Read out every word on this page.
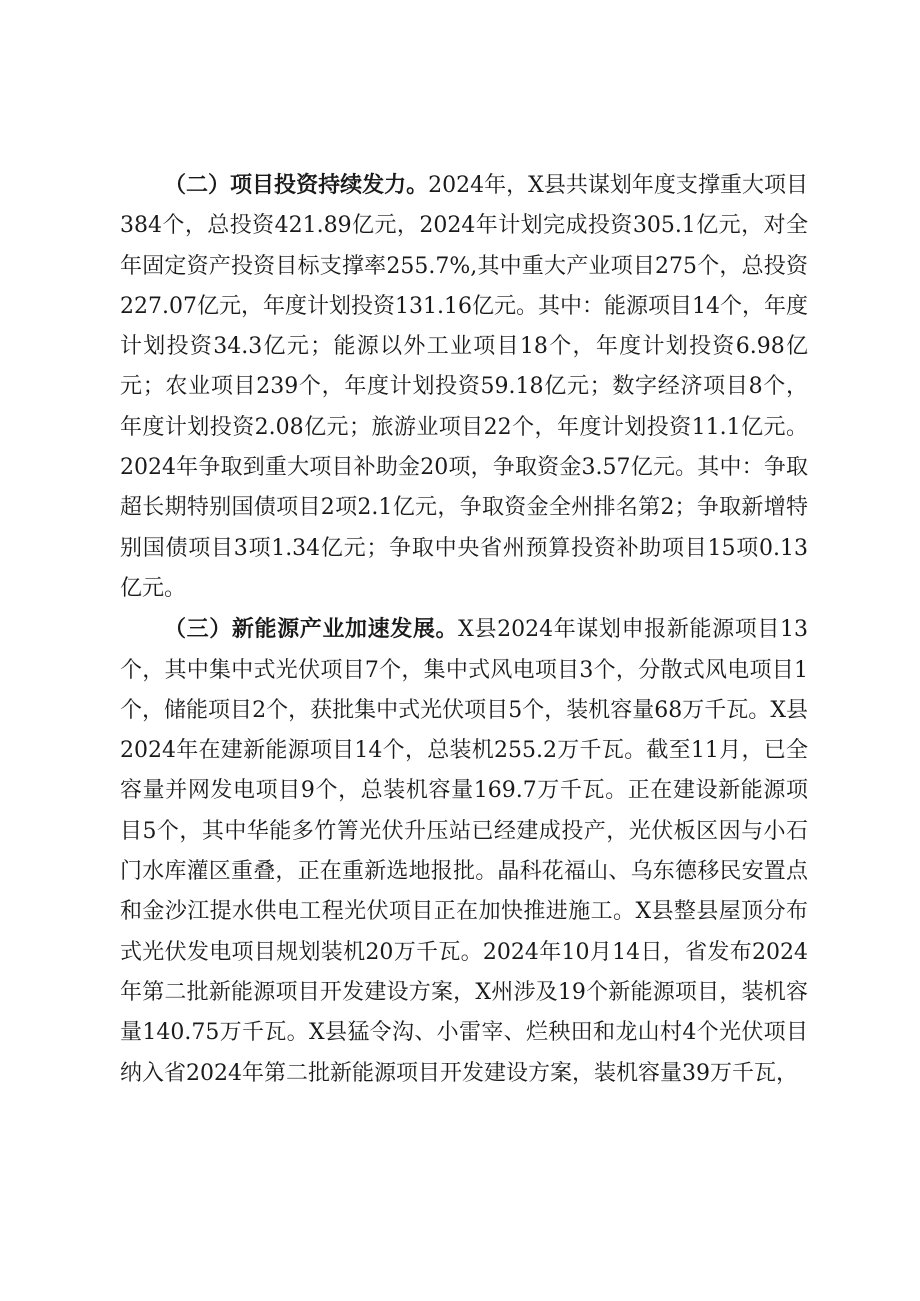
（二）项目投资持续发力。2024年，X县共谋划年度支撑重大项目384个，总投资421.89亿元，2024年计划完成投资305.1亿元，对全年固定资产投资目标支撑率255.7%,其中重大产业项目275个，总投资227.07亿元，年度计划投资131.16亿元。其中：能源项目14个，年度计划投资34.3亿元；能源以外工业项目18个，年度计划投资6.98亿元；农业项目239个，年度计划投资59.18亿元；数字经济项目8个，年度计划投资2.08亿元；旅游业项目22个，年度计划投资11.1亿元。2024年争取到重大项目补助金20项，争取资金3.57亿元。其中：争取超长期特别国债项目2项2.1亿元，争取资金全州排名第2；争取新增特别国债项目3项1.34亿元；争取中央省州预算投资补助项目15项0.13亿元。

（三）新能源产业加速发展。X县2024年谋划申报新能源项目13个，其中集中式光伏项目7个，集中式风电项目3个，分散式风电项目1个，储能项目2个，获批集中式光伏项目5个，装机容量68万千瓦。X县2024年在建新能源项目14个，总装机255.2万千瓦。截至11月，已全容量并网发电项目9个，总装机容量169.7万千瓦。正在建设新能源项目5个，其中华能多竹箐光伏升压站已经建成投产，光伏板区因与小石门水库灌区重叠，正在重新选地报批。晶科花福山、乌东德移民安置点和金沙江提水供电工程光伏项目正在加快推进施工。X县整县屋顶分布式光伏发电项目规划装机20万千瓦。2024年10月14日，省发布2024年第二批新能源项目开发建设方案，X州涉及19个新能源项目，装机容量140.75万千瓦。X县猛令沟、小雷宰、烂秧田和龙山村4个光伏项目纳入省2024年第二批新能源项目开发建设方案，装机容量39万千瓦，
